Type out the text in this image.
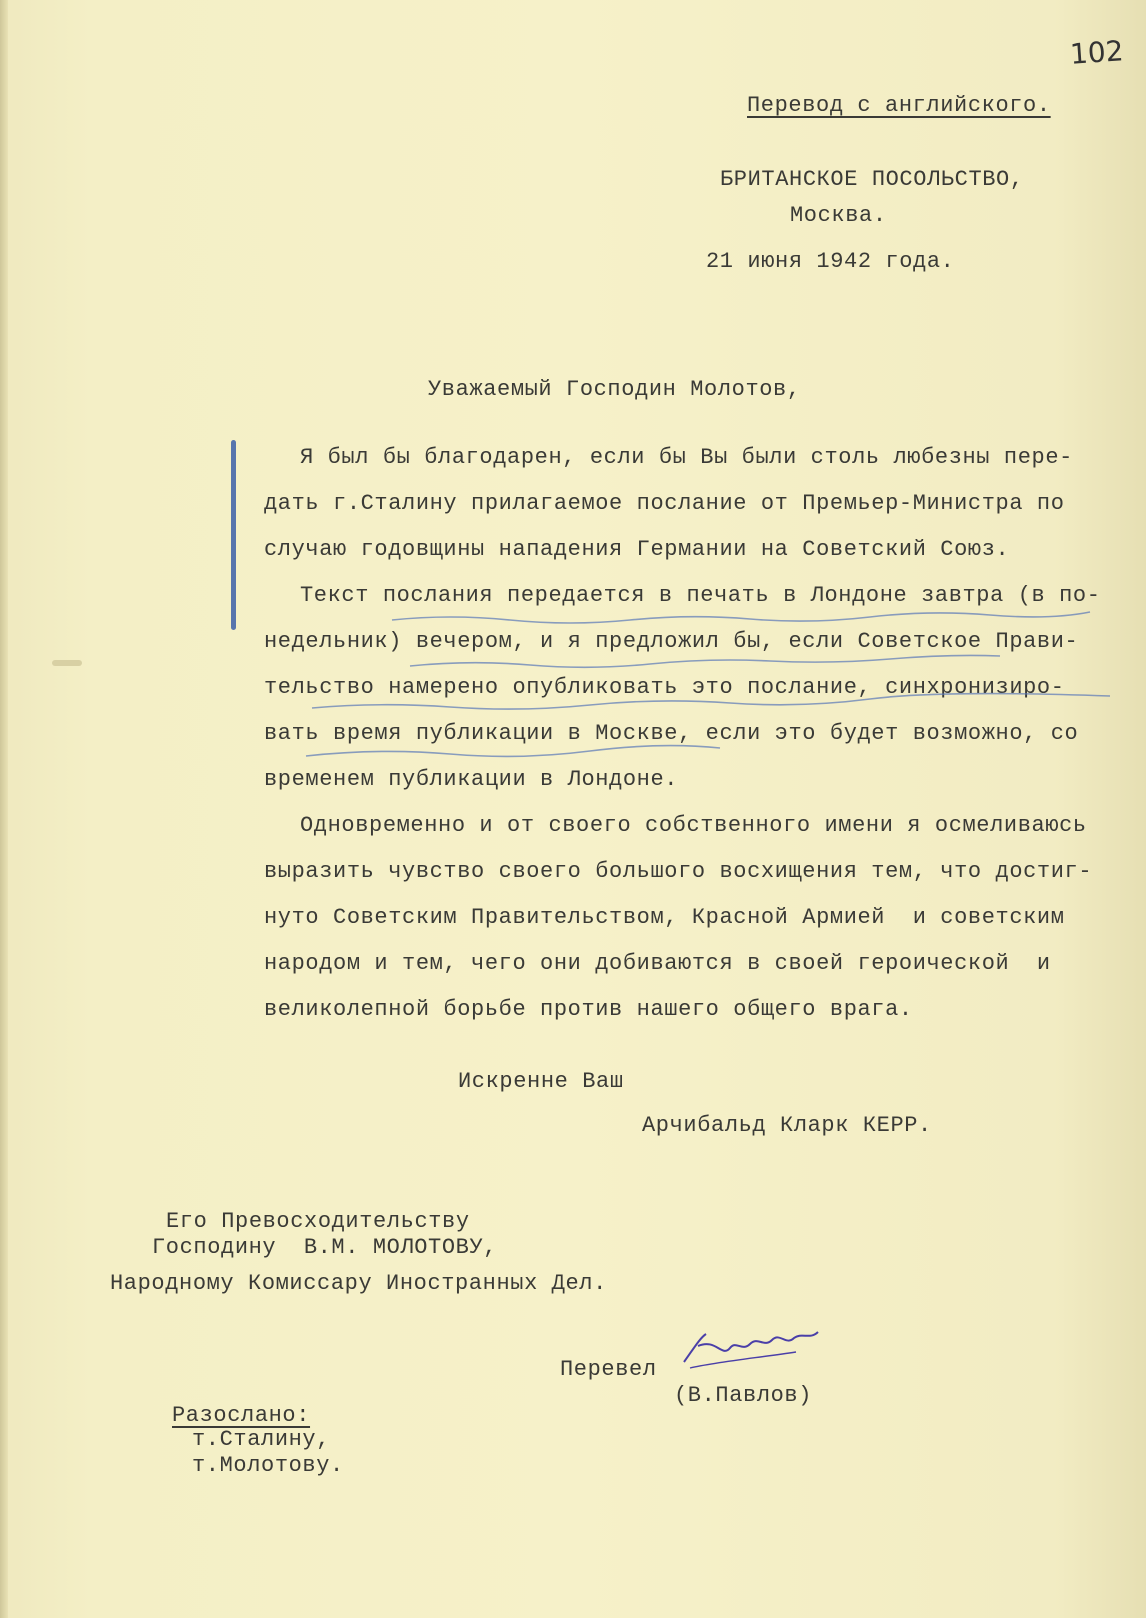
102
Перевод с английского.
БРИТАНСКОЕ ПОСОЛЬСТВО,
Москва.
21 июня 1942 года.
Уважаемый Господин Молотов,
Я был бы благодарен, если бы Вы были столь любезны пере-
дать г.Сталину прилагаемое послание от Премьер-Министра по
случаю годовщины нападения Германии на Советский Союз.
Текст послания передается в печать в Лондоне завтра (в по-
недельник) вечером, и я предложил бы, если Советское Прави-
тельство намерено опубликовать это послание, синхронизиро-
вать время публикации в Москве, если это будет возможно, со
временем публикации в Лондоне.
Одновременно и от своего собственного имени я осмеливаюсь
выразить чувство своего большого восхищения тем, что достиг-
нуто Советским Правительством, Красной Армией  и советским
народом и тем, чего они добиваются в своей героической  и
великолепной борьбе против нашего общего врага.
Искренне Ваш
Арчибальд Кларк КЕРР.
Его Превосходительству
Господину  В.М. МОЛОТОВУ,
Народному Комиссару Иностранных Дел.
Перевел
(В.Павлов)
Разослано:
т.Сталину,
т.Молотову.
